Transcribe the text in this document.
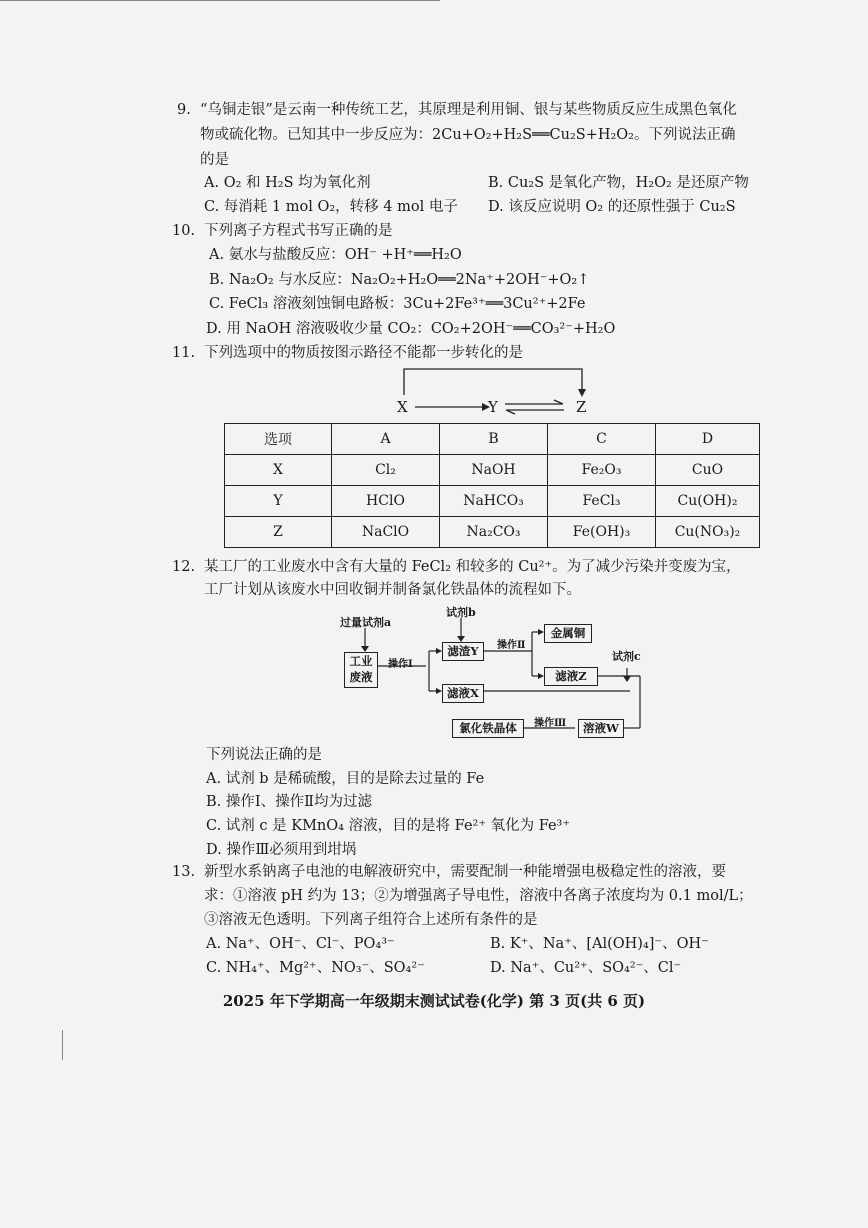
9. “乌铜走银”是云南一种传统工艺，其原理是利用铜、银与某些物质反应生成黑色氧化
物或硫化物。已知其中一步反应为：2Cu+O₂+H₂S══Cu₂S+H₂O₂。下列说法正确
的是
A. O₂ 和 H₂S 均为氧化剂	B. Cu₂S 是氧化产物，H₂O₂ 是还原产物
C. 每消耗 1 mol O₂，转移 4 mol 电子 D. 该反应说明 O₂ 的还原性强于 Cu₂S
10. 下列离子方程式书写正确的是
A. 氨水与盐酸反应：OH⁻ +H⁺══H₂O
B. Na₂O₂ 与水反应：Na₂O₂+H₂O══2Na⁺+2OH⁻+O₂↑
C. FeCl₃ 溶液刻蚀铜电路板：3Cu+2Fe³⁺══3Cu²⁺+2Fe
D. 用 NaOH 溶液吸收少量 CO₂：CO₂+2OH⁻══CO₃²⁻+H₂O
11. 下列选项中的物质按图示路径不能都一步转化的是
X	Y	Z
选项	A	B	C	D
X	Cl₂	NaOH	Fe₂O₃	CuO
Y	HClO	NaHCO₃	FeCl₃	Cu(OH)₂
Z	NaClO	Na₂CO₃	Fe(OH)₃	Cu(NO₃)₂
12. 某工厂的工业废水中含有大量的 FeCl₂ 和较多的 Cu²⁺。为了减少污染并变废为宝，
工厂计划从该废水中回收铜并制备氯化铁晶体的流程如下。
过量试剂a
试剂b
试剂c
操作Ⅰ
操作Ⅱ
操作Ⅲ
工业废液
滤渣Y
滤液X
金属铜
滤液Z
溶液W
氯化铁晶体
下列说法正确的是
A. 试剂 b 是稀硫酸，目的是除去过量的 Fe
B. 操作Ⅰ、操作Ⅱ均为过滤
C. 试剂 c 是 KMnO₄ 溶液，目的是将 Fe²⁺ 氧化为 Fe³⁺
D. 操作Ⅲ必须用到坩埚
13. 新型水系钠离子电池的电解液研究中，需要配制一种能增强电极稳定性的溶液，要
求：①溶液 pH 约为 13；②为增强离子导电性，溶液中各离子浓度均为 0.1 mol/L；
③溶液无色透明。下列离子组符合上述所有条件的是
A. Na⁺、OH⁻、Cl⁻、PO₄³⁻	B. K⁺、Na⁺、[Al(OH)₄]⁻、OH⁻
C. NH₄⁺、Mg²⁺、NO₃⁻、SO₄²⁻	D. Na⁺、Cu²⁺、SO₄²⁻、Cl⁻
2025 年下学期高一年级期末测试试卷(化学) 第 3 页(共 6 页)
